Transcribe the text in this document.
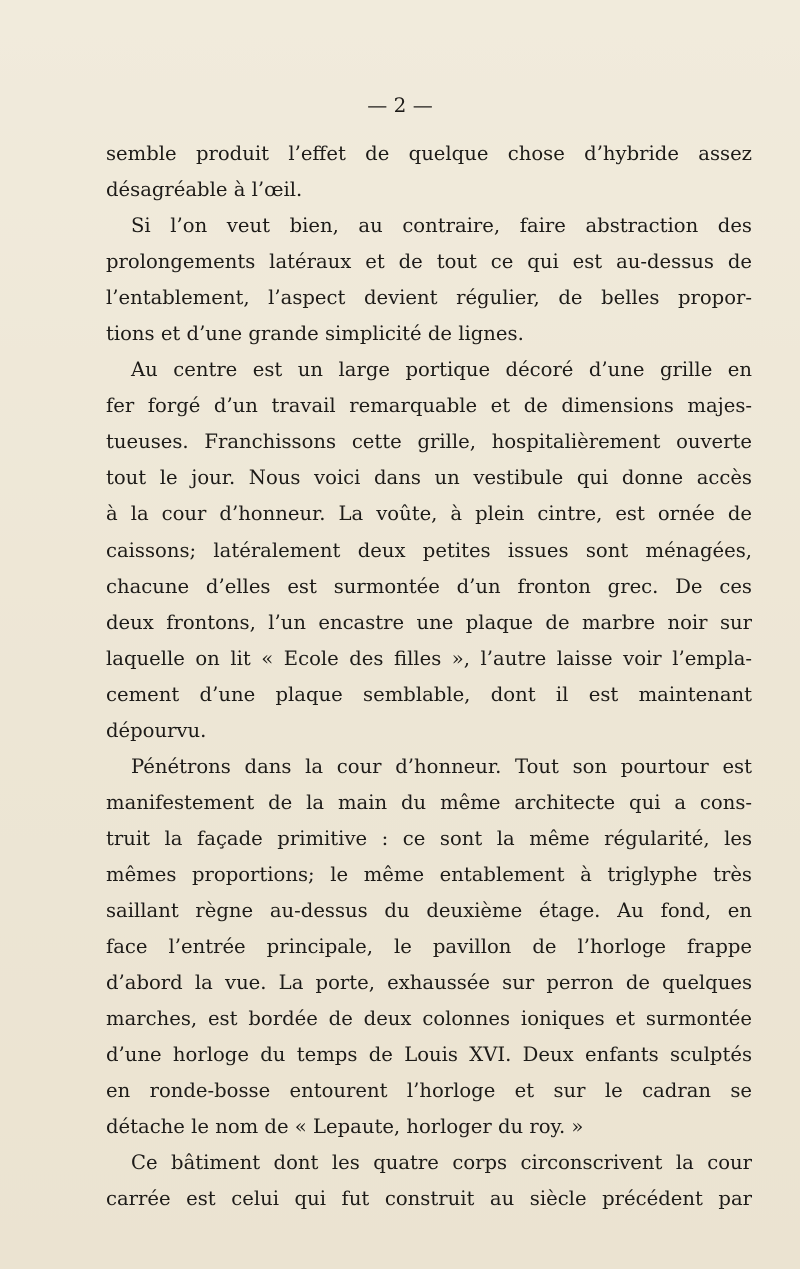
— 2 —
semble produit l’effet de quelque chose d’hybride assez
désagréable à l’œil.
Si l’on veut bien, au contraire, faire abstraction des
prolongements latéraux et de tout ce qui est au-dessus de
l’entablement, l’aspect devient régulier, de belles propor-
tions et d’une grande simplicité de lignes.
Au centre est un large portique décoré d’une grille en
fer forgé d’un travail remarquable et de dimensions majes-
tueuses. Franchissons cette grille, hospitalièrement ouverte
tout le jour. Nous voici dans un vestibule qui donne accès
à la cour d’honneur. La voûte, à plein cintre, est ornée de
caissons; latéralement deux petites issues sont ménagées,
chacune d’elles est surmontée d’un fronton grec. De ces
deux frontons, l’un encastre une plaque de marbre noir sur
laquelle on lit « Ecole des filles », l’autre laisse voir l’empla-
cement d’une plaque semblable, dont il est maintenant
dépourvu.
Pénétrons dans la cour d’honneur. Tout son pourtour est
manifestement de la main du même architecte qui a cons-
truit la façade primitive : ce sont la même régularité, les
mêmes proportions; le même entablement à triglyphe très
saillant règne au-dessus du deuxième étage. Au fond, en
face l’entrée principale, le pavillon de l’horloge frappe
d’abord la vue. La porte, exhaussée sur perron de quelques
marches, est bordée de deux colonnes ioniques et surmontée
d’une horloge du temps de Louis XVI. Deux enfants sculptés
en ronde-bosse entourent l’horloge et sur le cadran se
détache le nom de « Lepaute, horloger du roy. »
Ce bâtiment dont les quatre corps circonscrivent la cour
carrée est celui qui fut construit au siècle précédent par
